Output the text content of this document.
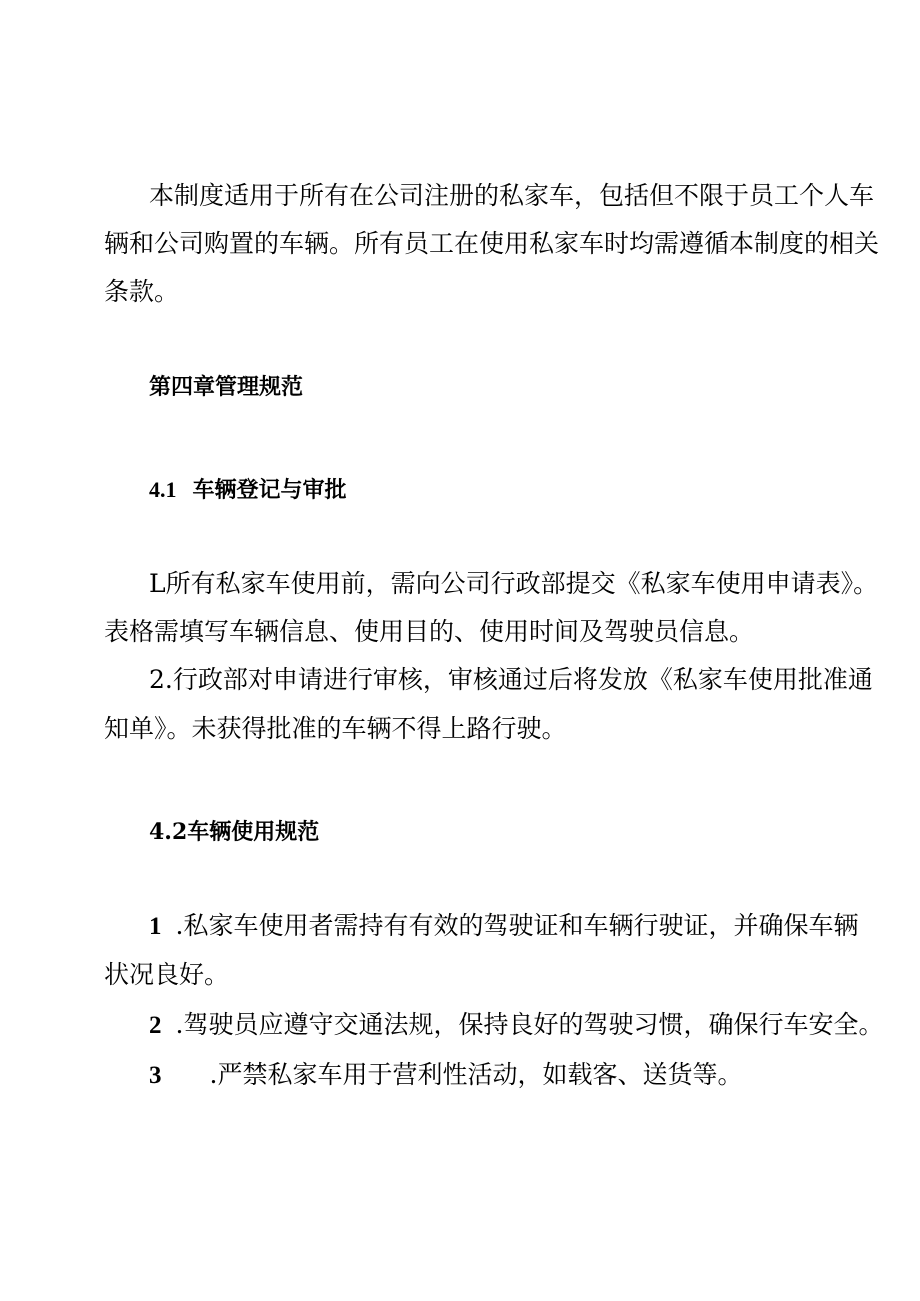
本制度适用于所有在公司注册的私家车，包括但不限于员工个人车

辆和公司购置的车辆。所有员工在使用私家车时均需遵循本制度的相关

条款。

第四章管理规范

4.1 车辆登记与审批

L所有私家车使用前，需向公司行政部提交《私家车使用申请表》。

表格需填写车辆信息、使用目的、使用时间及驾驶员信息。

2.行政部对申请进行审核，审核通过后将发放《私家车使用批准通

知单》。未获得批准的车辆不得上路行驶。

4.2车辆使用规范

1 .私家车使用者需持有有效的驾驶证和车辆行驶证，并确保车辆

状况良好。

2 .驾驶员应遵守交通法规，保持良好的驾驶习惯，确保行车安全。

3 .严禁私家车用于营利性活动，如载客、送货等。
